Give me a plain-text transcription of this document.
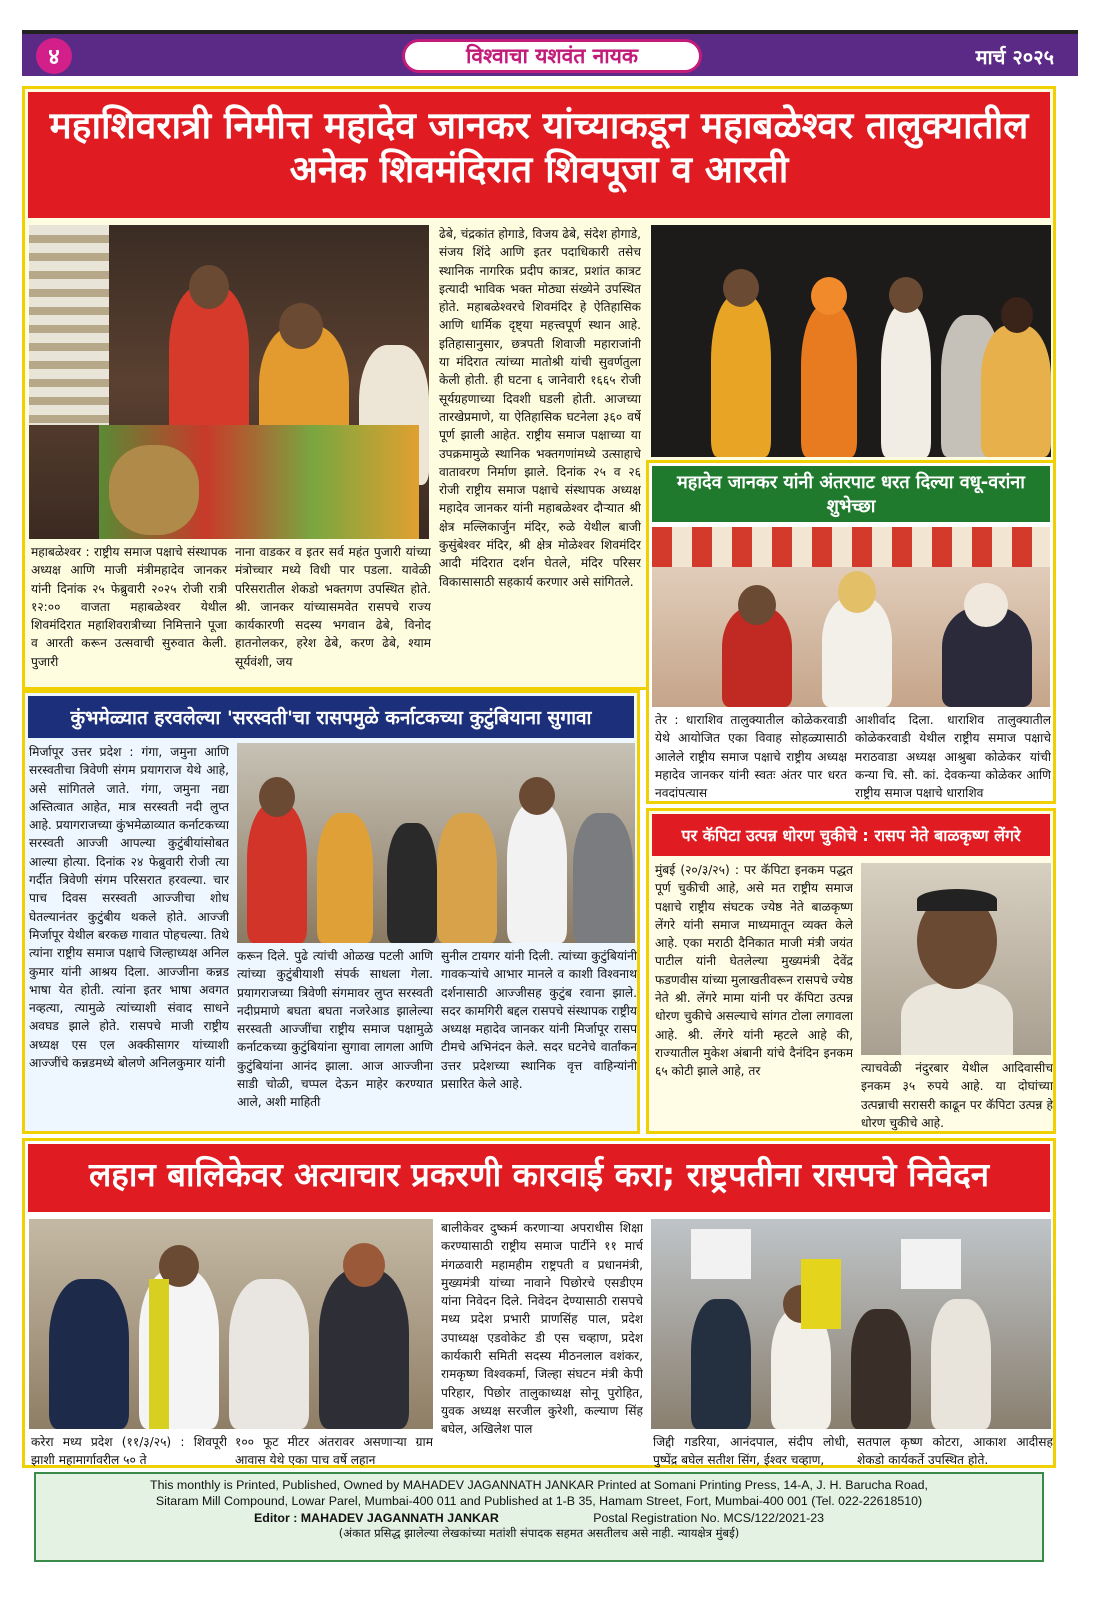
४	विश्वाचा यशवंत नायक	मार्च २०२५
महाशिवरात्री निमीत्त महादेव जानकर यांच्याकडून महाबळेश्वर तालुक्यातील अनेक शिवमंदिरात शिवपूजा व आरती
महाबळेश्वर : राष्ट्रीय समाज पक्षाचे संस्थापक अध्यक्ष आणि माजी मंत्रीमहादेव जानकर यांनी दिनांक २५ फेब्रुवारी २०२५ रोजी रात्री १२:०० वाजता महाबळेश्वर येथील शिवमंदिरात महाशिवरात्रीच्या निमित्ताने पूजा व आरती करून उत्सवाची सुरुवात केली. पुजारी
नाना वाडकर व इतर सर्व महंत पुजारी यांच्या मंत्रोच्चार मध्ये विधी पार पडला. यावेळी परिसरातील शेकडो भक्तगण उपस्थित होते. श्री. जानकर यांच्यासमवेत रासपचे राज्य कार्यकारणी सदस्य भगवान ढेबे, विनोद हातनोलकर, हरेश ढेबे, करण ढेबे, श्याम सूर्यवंशी, जय
ढेबे, चंद्रकांत होगाडे, विजय ढेबे, संदेश होगाडे, संजय शिंदे आणि इतर पदाधिकारी तसेच स्थानिक नागरिक प्रदीप कात्रट, प्रशांत कात्रट इत्यादी भाविक भक्त मोठ्या संख्येने उपस्थित होते. महाबळेश्वरचे शिवमंदिर हे ऐतिहासिक आणि धार्मिक दृष्ट्या महत्त्वपूर्ण स्थान आहे. इतिहासानुसार, छत्रपती शिवाजी महाराजांनी या मंदिरात त्यांच्या मातोश्री यांची सुवर्णतुला केली होती. ही घटना ६ जानेवारी १६६५ रोजी सूर्यग्रहणाच्या दिवशी घडली होती. आजच्या तारखेप्रमाणे, या ऐतिहासिक घटनेला ३६० वर्षे पूर्ण झाली आहेत. राष्ट्रीय समाज पक्षाच्या या उपक्रमामुळे स्थानिक भक्तगणांमध्ये उत्साहाचे वातावरण निर्माण झाले. दिनांक २५ व २६ रोजी राष्ट्रीय समाज पक्षाचे संस्थापक अध्यक्ष महादेव जानकर यांनी महाबळेश्वर दौऱ्यात श्री क्षेत्र मल्लिकार्जुन मंदिर, रुळे येथील बाजी कुसुंबेश्वर मंदिर, श्री क्षेत्र मोळेश्वर शिवमंदिर आदी मंदिरात दर्शन घेतले, मंदिर परिसर विकासासाठी सहकार्य करणार असे सांगितले.
महादेव जानकर यांनी अंतरपाट धरत दिल्या वधू-वरांना शुभेच्छा
तेर : धाराशिव तालुक्यातील कोळेकरवाडी येथे आयोजित एका विवाह सोहळ्यासाठी आलेले राष्ट्रीय समाज पक्षाचे राष्ट्रीय अध्यक्ष महादेव जानकर यांनी स्वतः अंतर पार धरत नवदांपत्यास
आशीर्वाद दिला. धाराशिव तालुक्यातील कोळेकरवाडी येथील राष्ट्रीय समाज पक्षाचे मराठवाडा अध्यक्ष आश्रुबा कोळेकर यांची कन्या चि. सौ. कां. देवकन्या कोळेकर आणि राष्ट्रीय समाज पक्षाचे धाराशिव
कुंभमेळ्यात हरवलेल्या 'सरस्वती'चा रासपमुळे कर्नाटकच्या कुटुंबियाना सुगावा
मिर्जापूर उत्तर प्रदेश : गंगा, जमुना आणि सरस्वतीचा त्रिवेणी संगम प्रयागराज येथे आहे, असे सांगितले जाते. गंगा, जमुना नद्या अस्तित्वात आहेत, मात्र सरस्वती नदी लुप्त आहे. प्रयागराजच्या कुंभमेळाव्यात कर्नाटकच्या सरस्वती आज्जी आपल्या कुटुंबीयांसोबत आल्या होत्या. दिनांक २४ फेब्रुवारी रोजी त्या गर्दीत त्रिवेणी संगम परिसरात हरवल्या. चार पाच दिवस सरस्वती आज्जीचा शोध घेतल्यानंतर कुटुंबीय थकले होते. आज्जी मिर्जापूर येथील बरकछ गावात पोहचल्या. तिथे त्यांना राष्ट्रीय समाज पक्षाचे जिल्हाध्यक्ष अनिल कुमार यांनी आश्रय दिला. आज्जीना कन्नड भाषा येत होती. त्यांना इतर भाषा अवगत नव्हत्या, त्यामुळे त्यांच्याशी संवाद साधने अवघड झाले होते. रासपचे माजी राष्ट्रीय अध्यक्ष एस एल अक्कीसागर यांच्याशी आज्जींचे कन्नडमध्ये बोलणे अनिलकुमार यांनी
करून दिले. पुढे त्यांची ओळख पटली आणि त्यांच्या कुटुंबीयाशी संपर्क साधला गेला. प्रयागराजच्या त्रिवेणी संगमावर लुप्त सरस्वती नदीप्रमाणे बघता बघता नजरेआड झालेल्या सरस्वती आज्जींचा राष्ट्रीय समाज पक्षामुळे कर्नाटकच्या कुटुंबियांना सुगावा लागला आणि कुटुंबियांना आनंद झाला. आज आज्जीना साडी चोळी, चप्पल देऊन माहेर करण्यात आले, अशी माहिती
सुनील टायगर यांनी दिली. त्यांच्या कुटुंबियांनी गावकऱ्यांचे आभार मानले व काशी विश्वनाथ दर्शनासाठी आज्जीसह कुटुंब रवाना झाले. सदर कामगिरी बद्दल रासपचे संस्थापक राष्ट्रीय अध्यक्ष महादेव जानकर यांनी मिर्जापूर रासप टीमचे अभिनंदन केले. सदर घटनेचे वार्तांकन उत्तर प्रदेशच्या स्थानिक वृत्त वाहिन्यांनी प्रसारित केले आहे.
पर कॅपिटा उत्पन्न धोरण चुकीचे : रासप नेते बाळकृष्ण लेंगरे
मुंबई (२०/३/२५) : पर कॅपिटा इनकम पद्धत पूर्ण चुकीची आहे, असे मत राष्ट्रीय समाज पक्षाचे राष्ट्रीय संघटक ज्येष्ठ नेते बाळकृष्ण लेंगरे यांनी समाज माध्यमातून व्यक्त केले आहे. एका मराठी दैनिकात माजी मंत्री जयंत पाटील यांनी घेतलेल्या मुख्यमंत्री देवेंद्र फडणवीस यांच्या मुलाखतीवरून रासपचे ज्येष्ठ नेते श्री. लेंगरे मामा यांनी पर कॅपिटा उत्पन्न धोरण चुकीचे असल्याचे सांगत टोला लगावला आहे. श्री. लेंगरे यांनी म्हटले आहे की, राज्यातील मुकेश अंबानी यांचे दैनंदिन इनकम ६५ कोटी झाले आहे, तर	त्याचवेळी नंदुरबार येथील आदिवासीच इनकम ३५ रुपये आहे. या दोघांच्या उत्पन्नाची सरासरी काढून पर कॅपिटा उत्पन्न हे धोरण चुकीचे आहे.
लहान बालिकेवर अत्याचार प्रकरणी कारवाई करा; राष्ट्रपतीना रासपचे निवेदन
करेरा मध्य प्रदेश (११/३/२५) : शिवपूरी झाशी महामार्गावरील ५० ते
१०० फूट मीटर अंतरावर असणाऱ्या ग्राम आवास येथे एका पाच वर्षे लहान
बालीकेवर दुष्कर्म करणाऱ्या अपराधीस शिक्षा करण्यासाठी राष्ट्रीय समाज पार्टीने ११ मार्च मंगळवारी महामहीम राष्ट्रपती व प्रधानमंत्री, मुख्यमंत्री यांच्या नावाने पिछोरचे एसडीएम यांना निवेदन दिले. निवेदन देण्यासाठी रासपचे मध्य प्रदेश प्रभारी प्राणसिंह पाल, प्रदेश उपाध्यक्ष एडवोकेट डी एस चव्हाण, प्रदेश कार्यकारी समिती सदस्य मीठनलाल वशंकर, रामकृष्ण विश्वकर्मा, जिल्हा संघटन मंत्री केपी परिहार, पिछोर तालुकाध्यक्ष सोनू पुरोहित, युवक अध्यक्ष सरजील कुरेशी, कल्याण सिंह बघेल, अखिलेश पाल
जिद्दी गडरिया, आनंदपाल, संदीप लोधी, पुष्पेंद्र बघेल सतीश सिंग, ईश्वर चव्हाण,
सतपाल कृष्ण कोटरा, आकाश आदीसह शेकडो कार्यकर्ते उपस्थित होते.
This monthly is Printed, Published, Owned by MAHADEV JAGANNATH JANKAR Printed at Somani Printing Press, 14-A, J. H. Barucha Road,
Sitaram Mill Compound, Lowar Parel, Mumbai-400 011 and Published at 1-B 35, Hamam Street, Fort, Mumbai-400 001 (Tel. 022-22618510)
Editor : MAHADEV JAGANNATH JANKAR	Postal Registration No. MCS/122/2021-23
(अंकात प्रसिद्ध झालेल्या लेखकांच्या मतांशी संपादक सहमत असतीलच असे नाही. न्यायक्षेत्र मुंबई)
